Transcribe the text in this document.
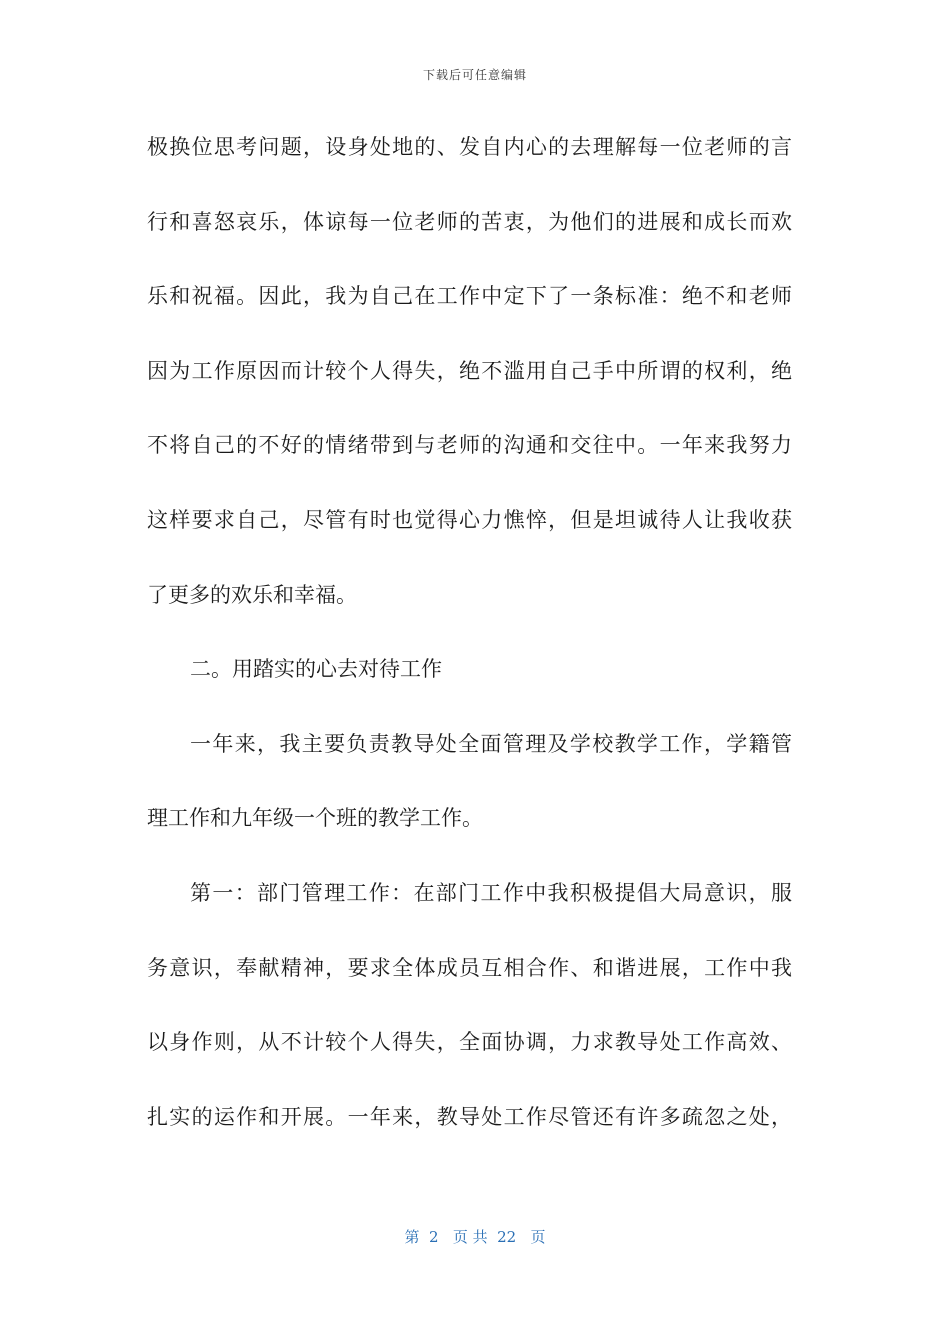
下载后可任意编辑
极换位思考问题，设身处地的、发自内心的去理解每一位老师的言
行和喜怒哀乐，体谅每一位老师的苦衷，为他们的进展和成长而欢
乐和祝福。因此，我为自己在工作中定下了一条标准：绝不和老师
因为工作原因而计较个人得失，绝不滥用自己手中所谓的权利，绝
不将自己的不好的情绪带到与老师的沟通和交往中。一年来我努力
这样要求自己，尽管有时也觉得心力憔悴，但是坦诚待人让我收获
了更多的欢乐和幸福。
二。用踏实的心去对待工作
一年来，我主要负责教导处全面管理及学校教学工作，学籍管
理工作和九年级一个班的教学工作。
第一：部门管理工作：在部门工作中我积极提倡大局意识，服
务意识，奉献精神，要求全体成员互相合作、和谐进展，工作中我
以身作则，从不计较个人得失，全面协调，力求教导处工作高效、
扎实的运作和开展。一年来，教导处工作尽管还有许多疏忽之处，
第  2   页 共  22   页
